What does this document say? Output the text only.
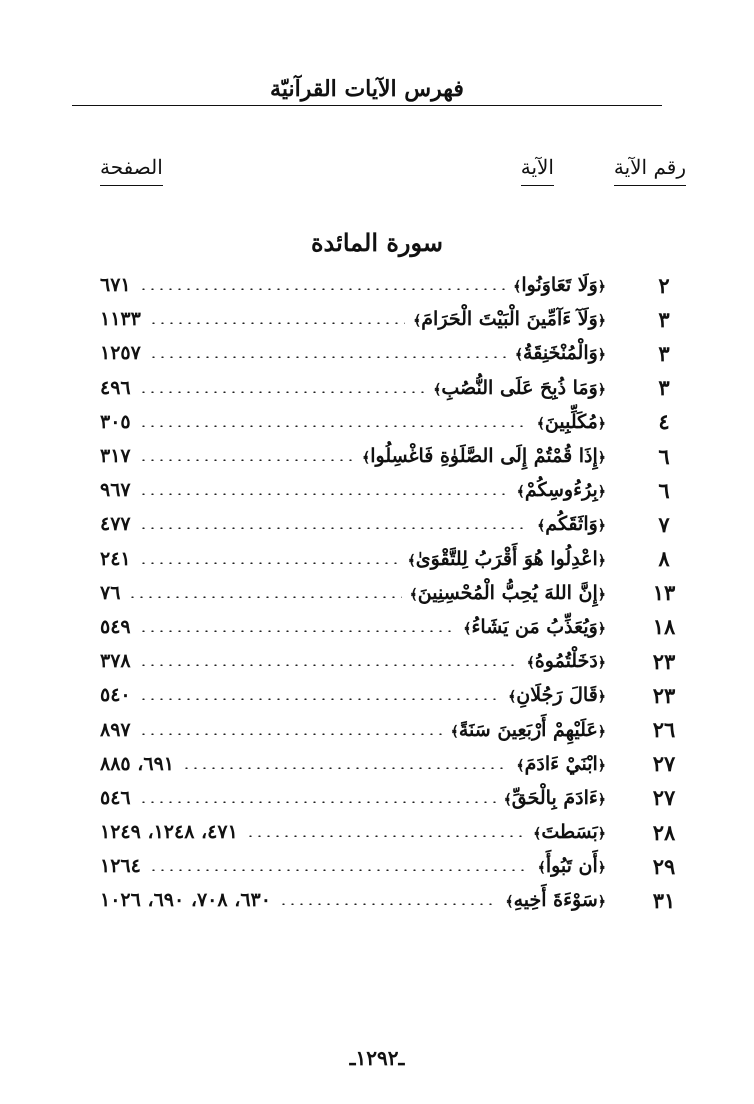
فهرس الآيات القرآنيّة
رقم الآية
الآية
الصفحة
سورة المائدة
٢
﴿وَلَا تَعَاوَنُوا﴾
٦٧١
٣
﴿وَلَآ ءَآمِّينَ الْبَيْتَ الْحَرَامَ﴾
١١٣٣
٣
﴿وَالْمُنْخَنِقَةُ﴾
١٢٥٧
٣
﴿وَمَا ذُبِحَ عَلَى النُّصُبِ﴾
٤٩٦
٤
﴿مُكَلِّبِينَ﴾
٣٠٥
٦
﴿إِذَا قُمْتُمْ إِلَى الصَّلَوٰةِ فَاغْسِلُوا﴾
٣١٧
٦
﴿بِرُءُوسِكُمْ﴾
٩٦٧
٧
﴿وَاثَقَكُم﴾
٤٧٧
٨
﴿اعْدِلُوا هُوَ أَقْرَبُ لِلتَّقْوَىٰ﴾
٢٤١
١٣
﴿إِنَّ اللهَ يُحِبُّ الْمُحْسِنِينَ﴾
٧٦
١٨
﴿وَيُعَذِّبُ مَن يَشَاءُ﴾
٥٤٩
٢٣
﴿دَخَلْتُمُوهُ﴾
٣٧٨
٢٣
﴿قَالَ رَجُلَانِ﴾
٥٤٠
٢٦
﴿عَلَيْهِمْ أَرْبَعِينَ سَنَةً﴾
٨٩٧
٢٧
﴿ابْنَيْ ءَادَمَ﴾
٦٩١، ٨٨٥
٢٧
﴿ءَادَمَ بِالْحَقِّ﴾
٥٤٦
٢٨
﴿بَسَطتَ﴾
٤٧١، ١٢٤٨، ١٢٤٩
٢٩
﴿أَن تَبُوأَ﴾
١٢٦٤
٣١
﴿سَوْءَةَ أَخِيهِ﴾
٦٣٠، ٧٠٨، ٦٩٠، ١٠٢٦
ـ١٢٩٢ـ
